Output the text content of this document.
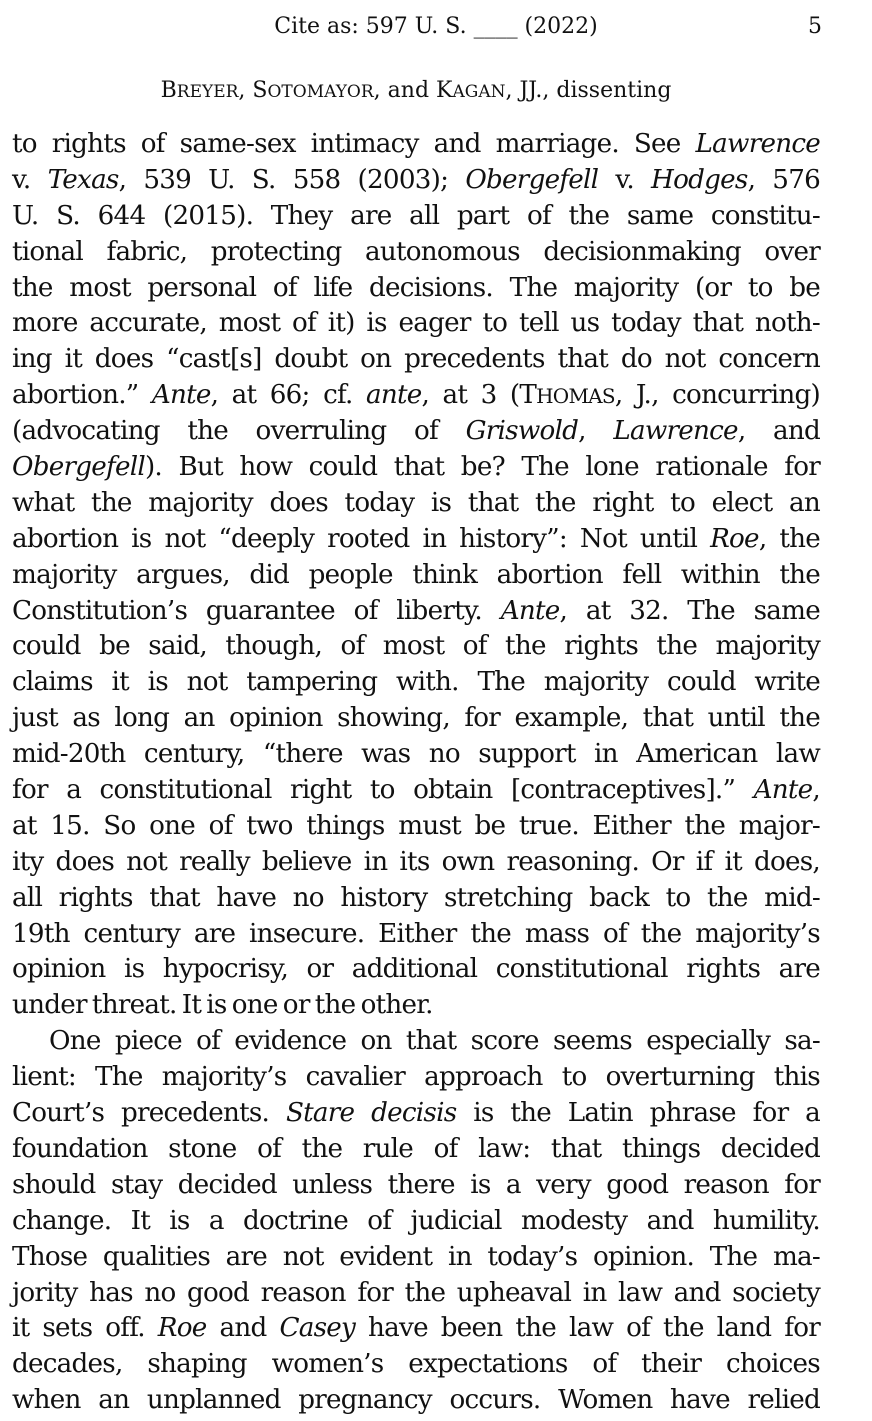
Cite as: 597 U. S. ____ (2022)	5
BREYER, SOTOMAYOR, and KAGAN, JJ., dissenting
to rights of same-sex intimacy and marriage. See Lawrence
v. Texas, 539 U. S. 558 (2003); Obergefell v. Hodges, 576
U. S. 644 (2015). They are all part of the same constitu-
tional fabric, protecting autonomous decisionmaking over
the most personal of life decisions. The majority (or to be
more accurate, most of it) is eager to tell us today that noth-
ing it does “cast[s] doubt on precedents that do not concern
abortion.” Ante, at 66; cf. ante, at 3 (THOMAS, J., concurring)
(advocating the overruling of Griswold, Lawrence, and
Obergefell). But how could that be? The lone rationale for
what the majority does today is that the right to elect an
abortion is not “deeply rooted in history”: Not until Roe, the
majority argues, did people think abortion fell within the
Constitution’s guarantee of liberty. Ante, at 32. The same
could be said, though, of most of the rights the majority
claims it is not tampering with. The majority could write
just as long an opinion showing, for example, that until the
mid-20th century, “there was no support in American law
for a constitutional right to obtain [contraceptives].” Ante,
at 15. So one of two things must be true. Either the major-
ity does not really believe in its own reasoning. Or if it does,
all rights that have no history stretching back to the mid-
19th century are insecure. Either the mass of the majority’s
opinion is hypocrisy, or additional constitutional rights are
under threat. It is one or the other.
One piece of evidence on that score seems especially sa-
lient: The majority’s cavalier approach to overturning this
Court’s precedents. Stare decisis is the Latin phrase for a
foundation stone of the rule of law: that things decided
should stay decided unless there is a very good reason for
change. It is a doctrine of judicial modesty and humility.
Those qualities are not evident in today’s opinion. The ma-
jority has no good reason for the upheaval in law and society
it sets off. Roe and Casey have been the law of the land for
decades, shaping women’s expectations of their choices
when an unplanned pregnancy occurs. Women have relied
